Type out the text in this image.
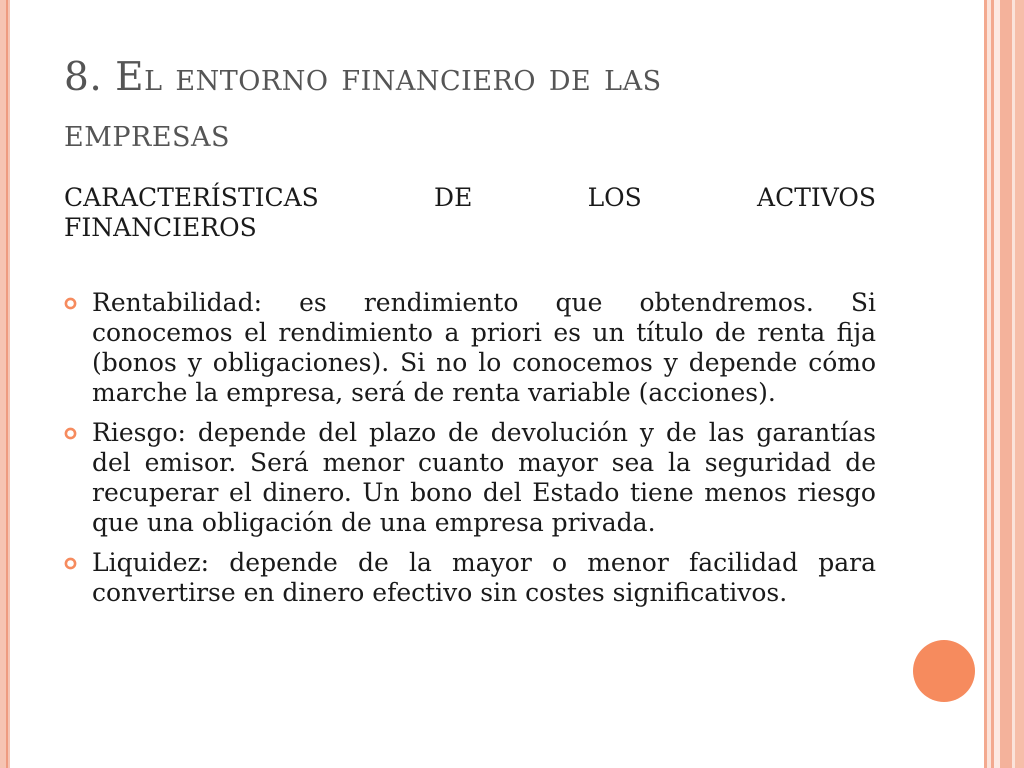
8. El entorno financiero de las empresas

CARACTERÍSTICAS DE LOS ACTIVOS

FINANCIEROS

Rentabilidad: es rendimiento que obtendremos. Si conocemos el rendimiento a priori es un título de renta fija (bonos y obligaciones). Si no lo conocemos y depende cómo marche la empresa, será de renta variable (acciones).
Riesgo: depende del plazo de devolución y de las garantías del emisor. Será menor cuanto mayor sea la seguridad de recuperar el dinero. Un bono del Estado tiene menos riesgo que una obligación de una empresa privada.
Liquidez: depende de la mayor o menor facilidad para convertirse en dinero efectivo sin costes significativos.
